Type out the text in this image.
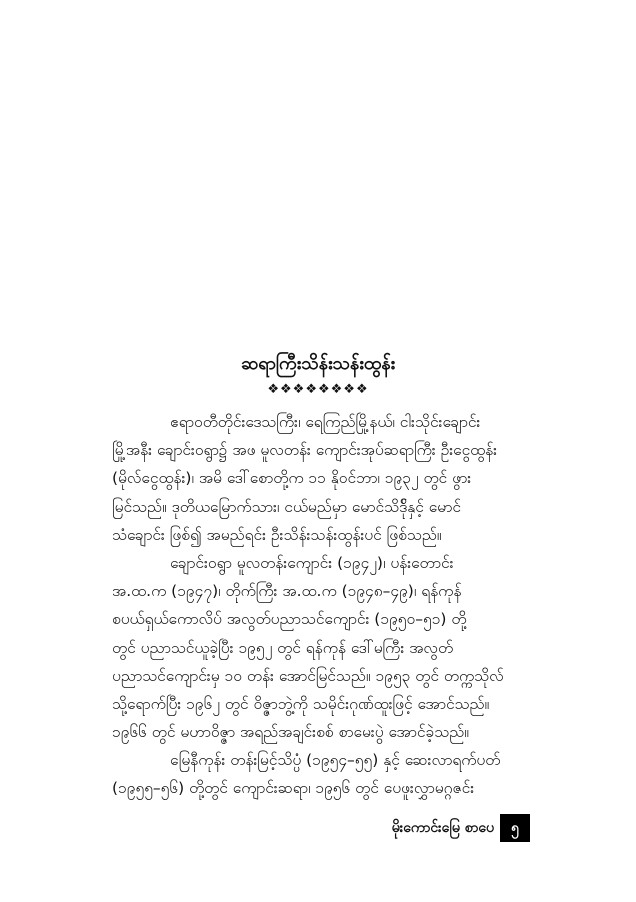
ဆရာကြီးသိန်းသန်းထွန်း
❖❖❖❖❖❖❖❖
ဧရာဝတီတိုင်းဒေသကြီး၊ ရေကြည်မြို့နယ်၊ ငါးသိုင်းချောင်း
မြို့အနီး ချောင်းဝရွာ၌ အဖ မူလတန်း ကျောင်းအုပ်ဆရာကြီး ဦးငွေထွန်း
(မိုလ်ငွေထွန်း)၊ အမိ ဒေါ်စောတို့က ၁၁ နိုဝင်ဘာ၊ ၁၉၃၂ တွင် ဖွား
မြင်သည်။ ဒုတိယမြောက်သား၊ ငယ်မည်မှာ မောင်သိဒ်ိုနှင့် မောင်
သံချောင်း ဖြစ်၍ အမည်ရင်း ဦးသိန်းသန်းထွန်းပင် ဖြစ်သည်။
ချောင်းဝရွာ မူလတန်းကျောင်း (၁၉၄၂)၊ ပန်းတောင်း
အ.ထ.က (၁၉၄၇)၊ တိုက်ကြီး အ.ထ.က (၁၉၄၈–၄၉)၊ ရန်ကုန်
စပယ်ရှယ်ကောလိပ် အလွတ်ပညာသင်ကျောင်း (၁၉၅၀–၅၁) တို့
တွင် ပညာသင်ယူခဲ့ပြီး ၁၉၅၂ တွင် ရန်ကုန် ဒေါ်မကြီး အလွတ်
ပညာသင်ကျောင်းမှ ၁၀ တန်း အောင်မြင်သည်။ ၁၉၅၃ တွင် တက္ကသိုလ်
သို့ရောက်ပြီး ၁၉၆၂ တွင် ဝိဇ္ဇာဘွဲ့ကို သမိုင်းဂုဏ်ထူးဖြင့် အောင်သည်။
၁၉၆၆ တွင် မဟာဝိဇ္ဇာ အရည်အချင်းစစ် စာမေးပွဲ အောင်ခဲ့သည်။
မြေနီကုန်း တန်းမြင့်သိပ္ပံ (၁၉၅၄–၅၅) နှင့် ဆေးလာရက်ပတ်
(၁၉၅၅–၅၆) တို့တွင် ကျောင်းဆရာ၊ ၁၉၅၆ တွင် ပေဖူးလွှာမဂ္ဂဇင်း
မိုးကောင်းမြေ စာပေ	၅
